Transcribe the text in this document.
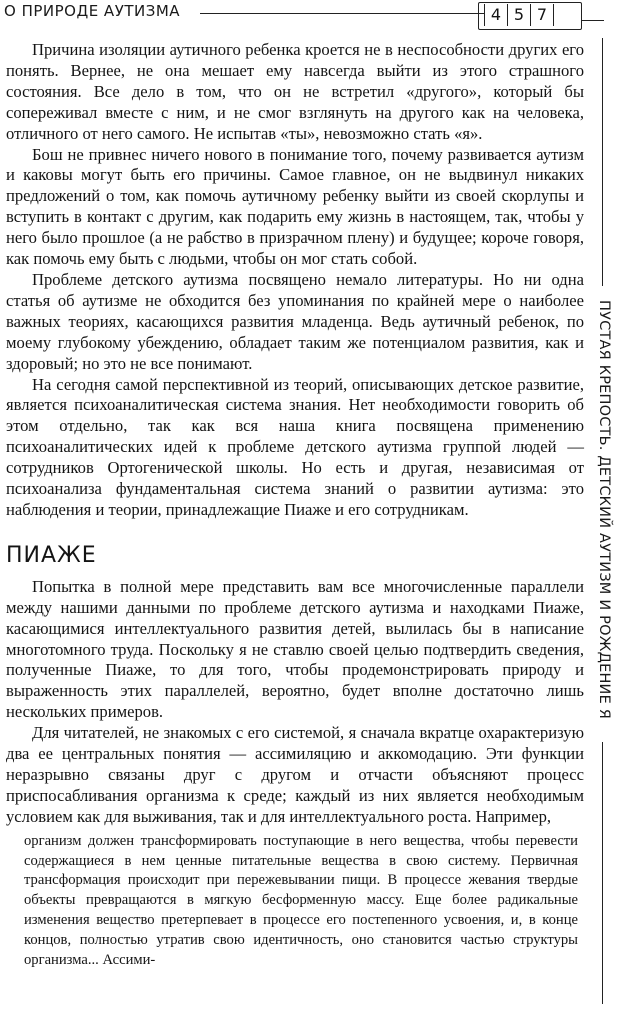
О ПРИРОДЕ АУТИЗМА	4 5 7
ПУСТАЯ КРЕПОСТЬ. ДЕТСКИЙ АУТИЗМ И РОЖДЕНИЕ Я

Причина изоляции аутичного ребенка кроется не в неспособности других его понять. Вернее, не она мешает ему навсегда выйти из этого страшного состояния. Все дело в том, что он не встретил «другого», который бы сопереживал вместе с ним, и не смог взглянуть на другого как на человека, отличного от него самого. Не испытав «ты», невозможно стать «я».

Бош не привнес ничего нового в понимание того, почему развивается аутизм и каковы могут быть его причины. Самое главное, он не выдвинул никаких предложений о том, как помочь аутичному ребенку выйти из своей скорлупы и вступить в контакт с другим, как подарить ему жизнь в настоящем, так, чтобы у него было прошлое (а не рабство в призрачном плену) и будущее; короче говоря, как помочь ему быть с людьми, чтобы он мог стать собой.

Проблеме детского аутизма посвящено немало литературы. Но ни одна статья об аутизме не обходится без упоминания по крайней мере о наиболее важных теориях, касающихся развития младенца. Ведь аутичный ребенок, по моему глубокому убеждению, обладает таким же потенциалом развития, как и здоровый; но это не все понимают.

На сегодня самой перспективной из теорий, описывающих детское развитие, является психоаналитическая система знания. Нет необходимости говорить об этом отдельно, так как вся наша книга посвящена применению психоаналитических идей к проблеме детского аутизма группой людей — сотрудников Ортогенической школы. Но есть и другая, независимая от психоанализа фундаментальная система знаний о развитии аутизма: это наблюдения и теории, принадлежащие Пиаже и его сотрудникам.

ПИАЖЕ

Попытка в полной мере представить вам все многочисленные параллели между нашими данными по проблеме детского аутизма и находками Пиаже, касающимися интеллектуального развития детей, вылилась бы в написание многотомного труда. Поскольку я не ставлю своей целью подтвердить сведения, полученные Пиаже, то для того, чтобы продемонстрировать природу и выраженность этих параллелей, вероятно, будет вполне достаточно лишь нескольких примеров.

Для читателей, не знакомых с его системой, я сначала вкратце охарактеризую два ее центральных понятия — ассимиляцию и аккомодацию. Эти функции неразрывно связаны друг с другом и отчасти объясняют процесс приспосабливания организма к среде; каждый из них является необходимым условием как для выживания, так и для интеллектуального роста. Например,

организм должен трансформировать поступающие в него вещества, чтобы перевести содержащиеся в нем ценные питательные вещества в свою систему. Первичная трансформация происходит при пережевывании пищи. В процессе жевания твердые объекты превращаются в мягкую бесформенную массу. Еще более радикальные изменения вещество претерпевает в процессе его постепенного усвоения, и, в конце концов, полностью утратив свою идентичность, оно становится частью структуры организма... Ассими-
